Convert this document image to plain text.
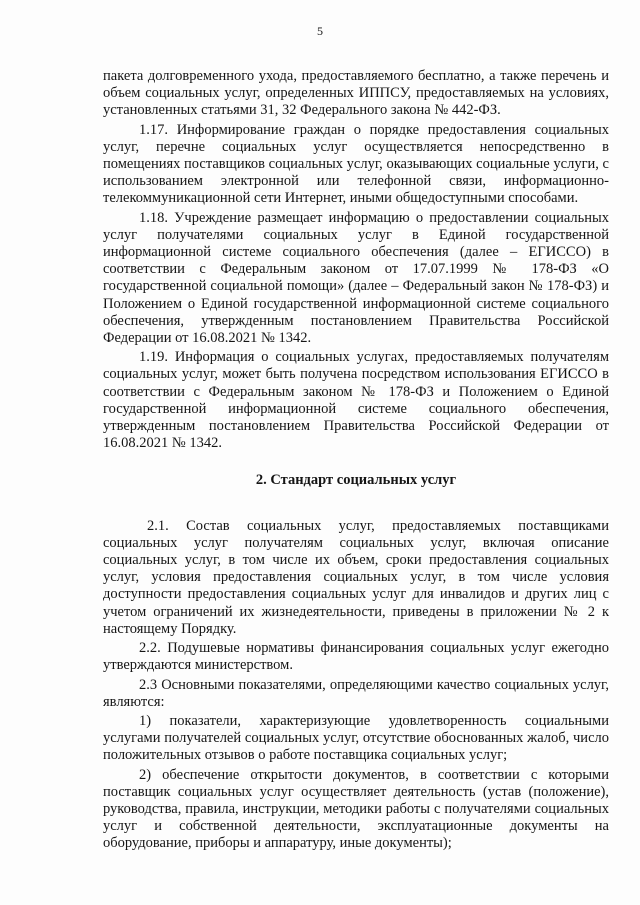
5

пакета долговременного ухода, предоставляемого бесплатно, а также перечень и объем социальных услуг, определенных ИППСУ, предоставляемых на условиях, установленных статьями 31, 32 Федерального закона № 442-ФЗ.

1.17. Информирование граждан о порядке предоставления социальных услуг, перечне социальных услуг осуществляется непосредственно в помещениях поставщиков социальных услуг, оказывающих социальные услуги, с использованием электронной или телефонной связи, информационно-телекоммуникационной сети Интернет, иными общедоступными способами.

1.18. Учреждение размещает информацию о предоставлении социальных услуг получателями социальных услуг в Единой государственной информационной системе социального обеспечения (далее – ЕГИССО) в соответствии с Федеральным законом от 17.07.1999 № 178-ФЗ «О государственной социальной помощи» (далее – Федеральный закон № 178-ФЗ) и Положением о Единой государственной информационной системе социального обеспечения, утвержденным постановлением Правительства Российской Федерации от 16.08.2021 № 1342.

1.19. Информация о социальных услугах, предоставляемых получателям социальных услуг, может быть получена посредством использования ЕГИССО в соответствии с Федеральным законом № 178-ФЗ и Положением о Единой государственной информационной системе социального обеспечения, утвержденным постановлением Правительства Российской Федерации от 16.08.2021 № 1342.

2. Стандарт социальных услуг

2.1. Состав социальных услуг, предоставляемых поставщиками социальных услуг получателям социальных услуг, включая описание социальных услуг, в том числе их объем, сроки предоставления социальных услуг, условия предоставления социальных услуг, в том числе условия доступности предоставления социальных услуг для инвалидов и других лиц с учетом ограничений их жизнедеятельности, приведены в приложении № 2 к настоящему Порядку.

2.2. Подушевые нормативы финансирования социальных услуг ежегодно утверждаются министерством.

2.3 Основными показателями, определяющими качество социальных услуг, являются:

1) показатели, характеризующие удовлетворенность социальными услугами получателей социальных услуг, отсутствие обоснованных жалоб, число положительных отзывов о работе поставщика социальных услуг;

2) обеспечение открытости документов, в соответствии с которыми поставщик социальных услуг осуществляет деятельность (устав (положение), руководства, правила, инструкции, методики работы с получателями социальных услуг и собственной деятельности, эксплуатационные документы на оборудование, приборы и аппаратуру, иные документы);
